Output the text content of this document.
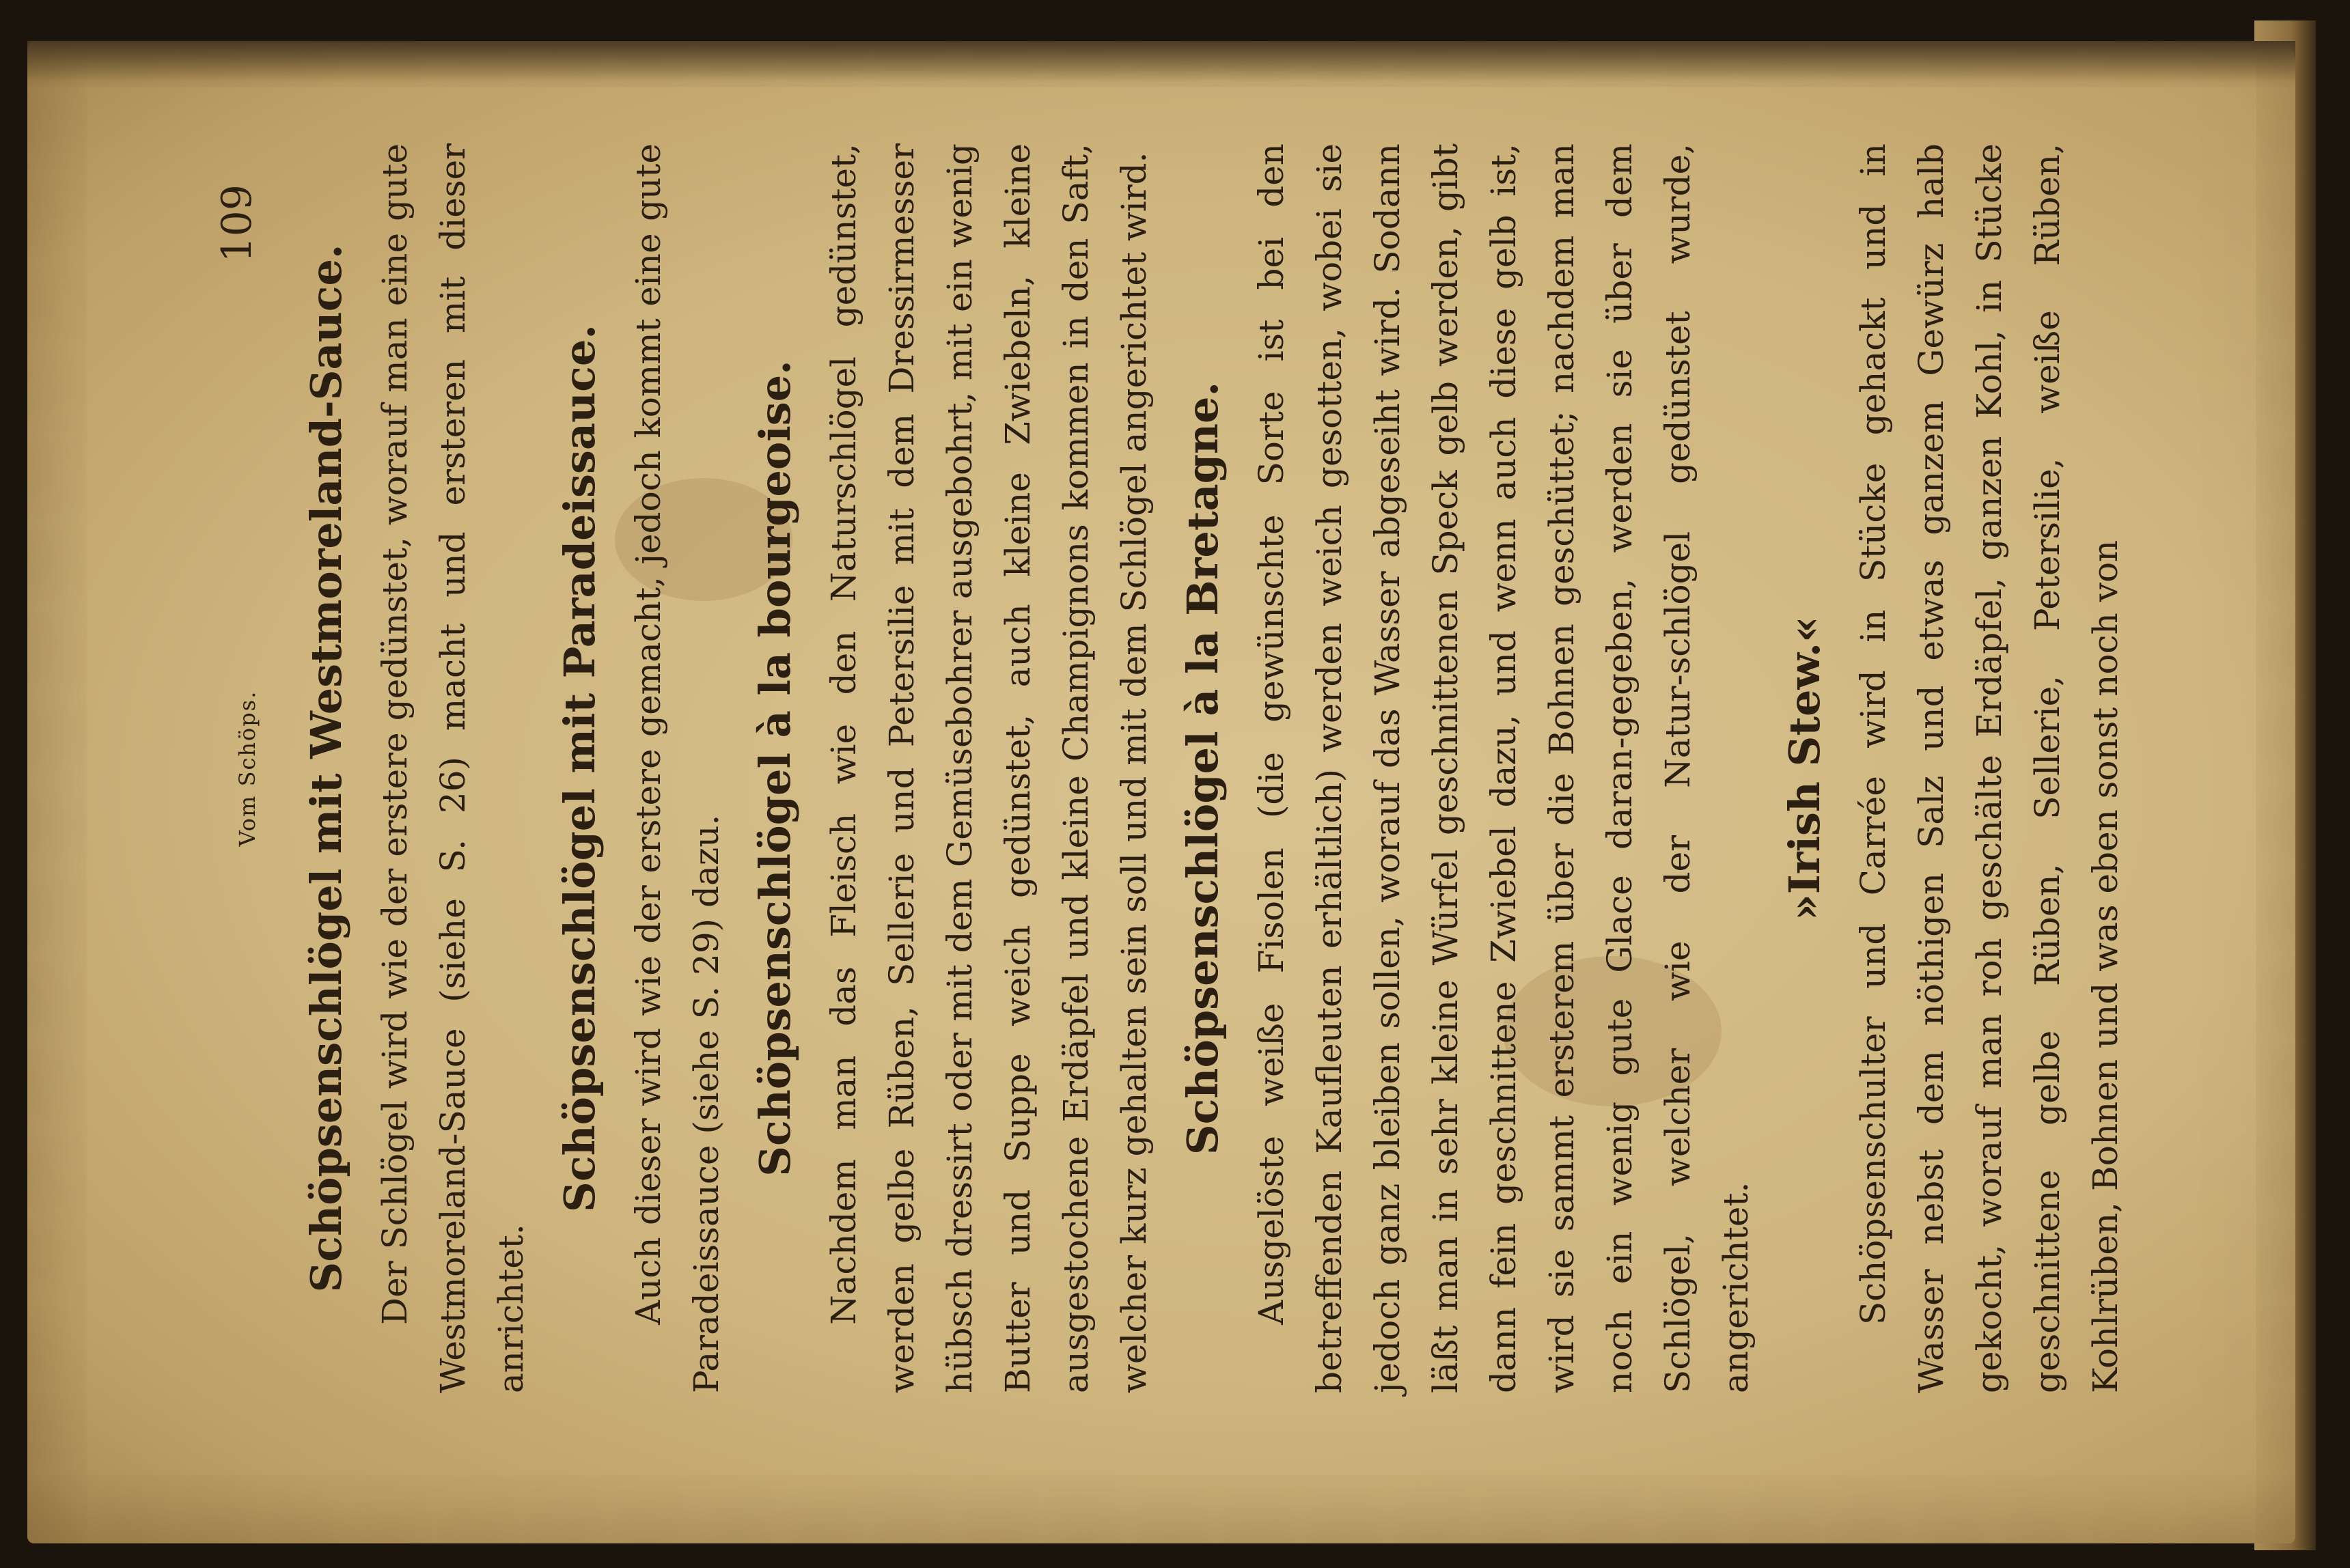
Vom Schöps.
109
Schöpsenschlögel mit Westmoreland-Sauce. Der Schlögel wird wie der erstere gedünstet, worauf man eine gute Westmoreland-Sauce (siehe S. 26) macht und ersteren mit dieser anrichtet.

Schöpsenschlögel mit Paradeissauce. Auch dieser wird wie der erstere gemacht, jedoch kommt eine gute Paradeissauce (siehe S. 29) dazu. Schöpsenschlögel à la bourgeoise. Nachdem man das Fleisch wie den Naturschlögel gedünstet, werden gelbe Rüben, Sellerie und Petersilie mit dem Dressirmesser hübsch dressirt oder mit dem Gemüsebohrer ausgebohrt, mit ein wenig Butter und Suppe weich gedünstet, auch kleine Zwiebeln, kleine ausgestochene Erdäpfel und kleine Champignons kommen in den Saft, welcher kurz gehalten sein soll und mit dem Schlögel angerichtet wird. Schöpsenschlögel à la Bretagne. Ausgelöste weiße Fisolen (die gewünschte Sorte ist bei den betreffenden Kaufleuten erhältlich) werden weich gesotten, wobei sie jedoch ganz bleiben sollen, worauf das Wasser abgeseiht wird. Sodann läßt man in sehr kleine Würfel geschnittenen Speck gelb werden, gibt dann fein geschnittene Zwiebel dazu, und wenn auch diese gelb ist, wird sie sammt ersterem über die Bohnen geschüttet; nachdem man noch ein wenig gute Glace daran-gegeben, werden sie über dem Schlögel, welcher wie der Natur-schlögel gedünstet wurde, angerichtet.

»Irish Stew.« Schöpsenschulter und Carrée wird in Stücke gehackt und in Wasser nebst dem nöthigen Salz und etwas ganzem Gewürz halb gekocht, worauf man roh geschälte Erdäpfel, ganzen Kohl, in Stücke geschnittene gelbe Rüben, Sellerie, Petersilie, weiße Rüben, Kohlrüben, Bohnen und was eben sonst noch von
